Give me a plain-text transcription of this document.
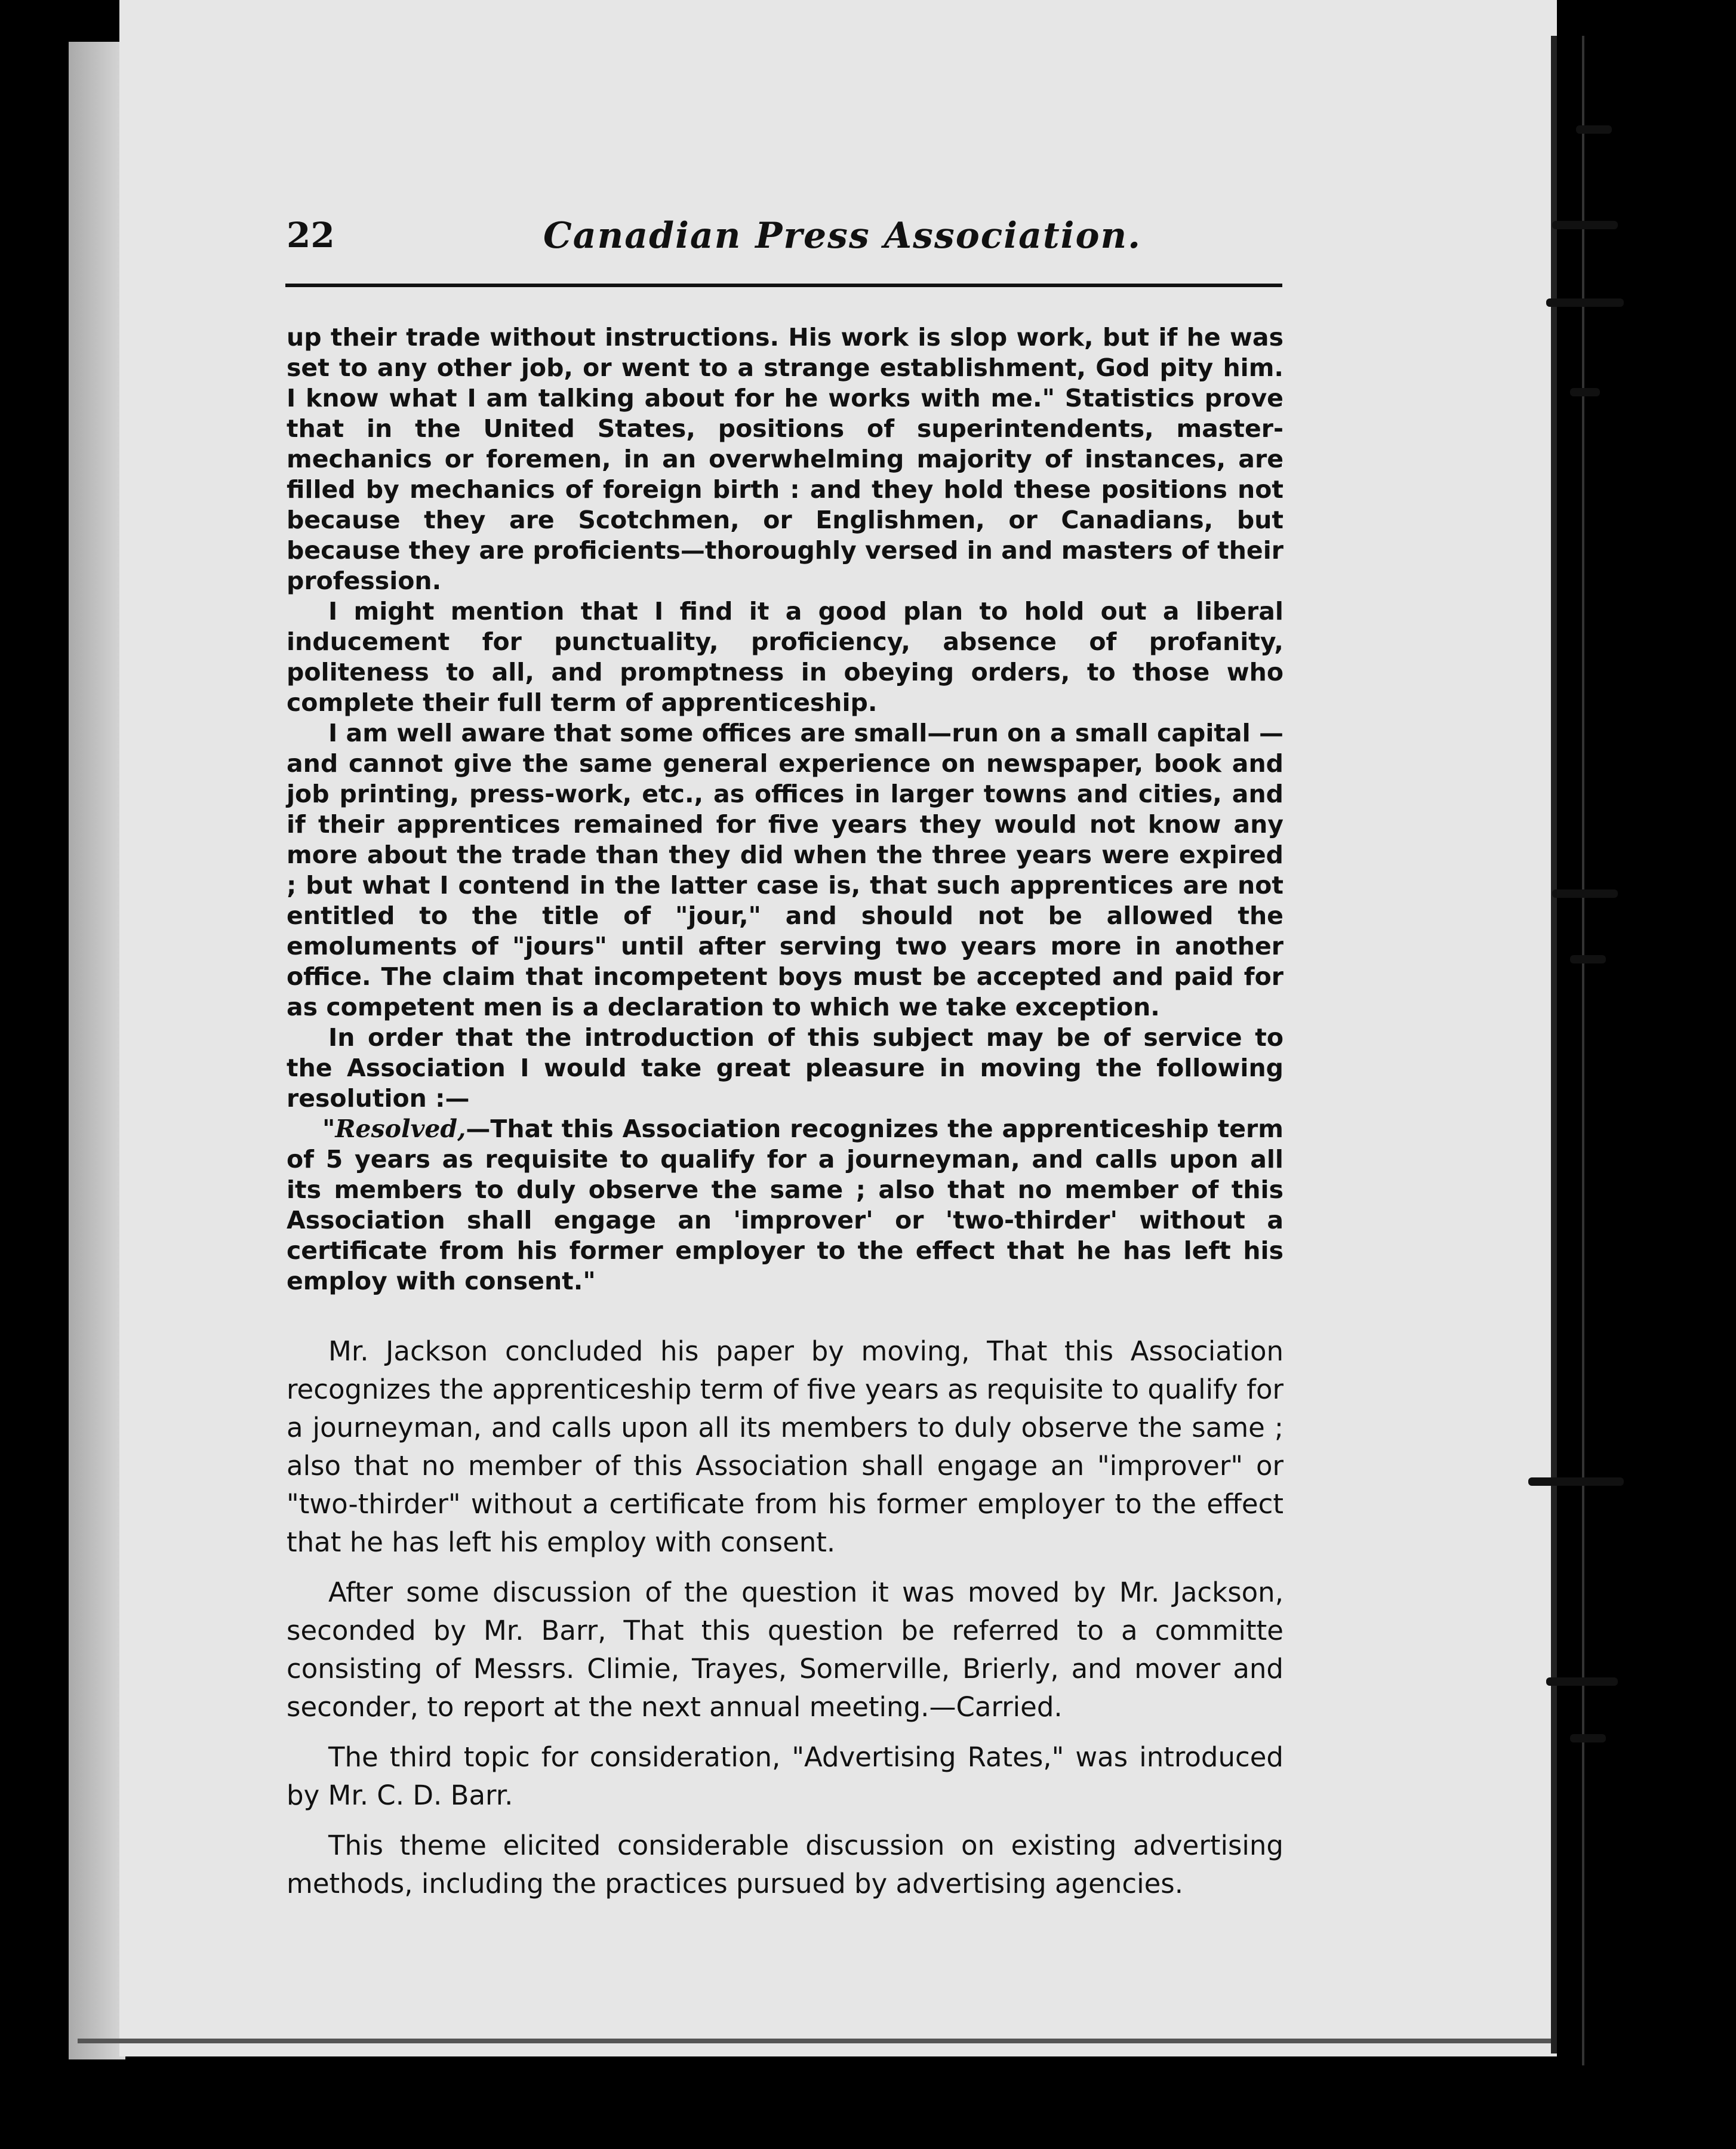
22	Canadian Press Association.

up their trade without instructions. His work is slop work, but if he was set to any other job, or went to a strange establishment, God pity him. I know what I am talking about for he works with me." Statistics prove that in the United States, positions of superintendents, master-mechanics or foremen, in an overwhelming majority of instances, are filled by mechanics of foreign birth : and they hold these positions not because they are Scotchmen, or Englishmen, or Canadians, but because they are proficients—thoroughly versed in and masters of their profession.

I might mention that I find it a good plan to hold out a liberal inducement for punctuality, proficiency, absence of profanity, politeness to all, and promptness in obeying orders, to those who complete their full term of apprenticeship.

I am well aware that some offices are small—run on a small capital —and cannot give the same general experience on newspaper, book and job printing, press-work, etc., as offices in larger towns and cities, and if their apprentices remained for five years they would not know any more about the trade than they did when the three years were expired ; but what I contend in the latter case is, that such apprentices are not entitled to the title of "jour," and should not be allowed the emoluments of "jours" until after serving two years more in another office. The claim that incompetent boys must be accepted and paid for as competent men is a declaration to which we take exception.

In order that the introduction of this subject may be of service to the Association I would take great pleasure in moving the following resolution :—

"Resolved,—That this Association recognizes the apprenticeship term of 5 years as requisite to qualify for a journeyman, and calls upon all its members to duly observe the same ; also that no member of this Association shall engage an 'improver' or 'two-thirder' without a certificate from his former employer to the effect that he has left his employ with consent."

Mr. Jackson concluded his paper by moving, That this Association recognizes the apprenticeship term of five years as requisite to qualify for a journeyman, and calls upon all its members to duly observe the same ; also that no member of this Association shall engage an "improver" or "two-thirder" without a certificate from his former employer to the effect that he has left his employ with consent.

After some discussion of the question it was moved by Mr. Jackson, seconded by Mr. Barr, That this question be referred to a committe consisting of Messrs. Climie, Trayes, Somerville, Brierly, and mover and seconder, to report at the next annual meeting.—Carried.

The third topic for consideration, "Advertising Rates," was introduced by Mr. C. D. Barr.

This theme elicited considerable discussion on existing advertising methods, including the practices pursued by advertising agencies.
